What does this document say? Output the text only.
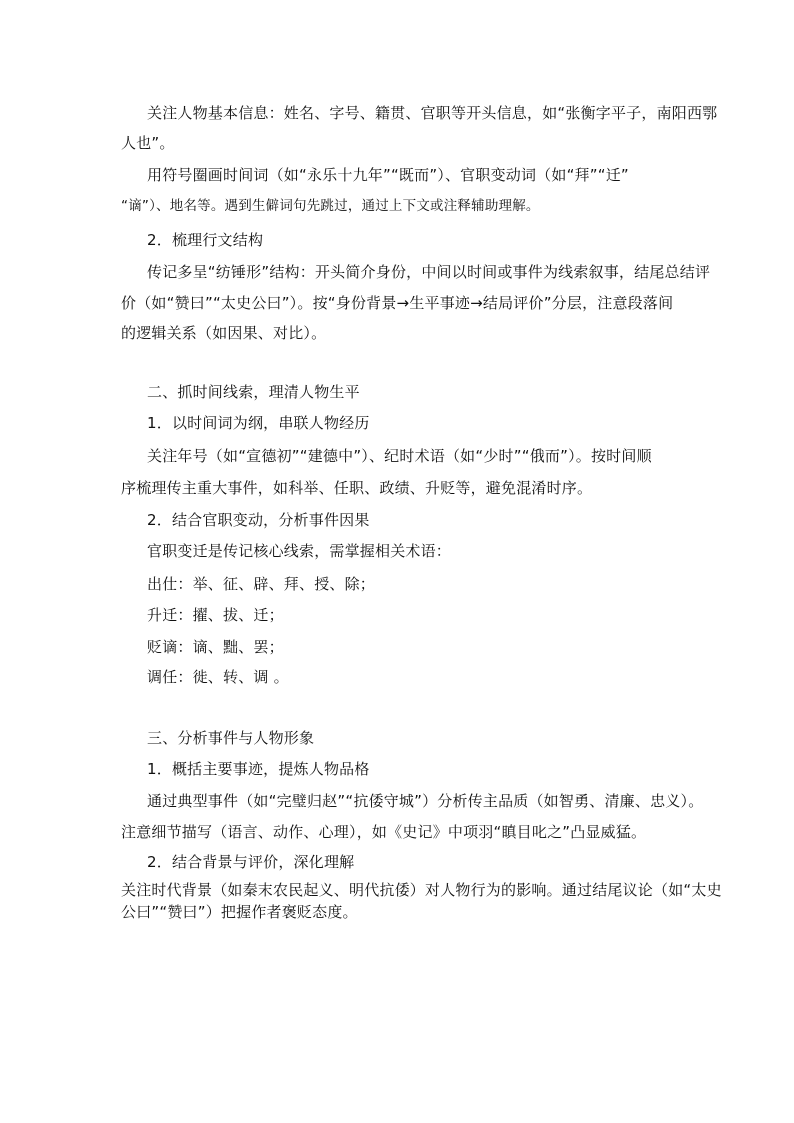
关注人物基本信息：姓名、字号、籍贯、官职等开头信息，如“张衡字平子，南阳西鄂
人也”。
用符号圈画时间词（如“永乐十九年”“既而”）、官职变动词（如“拜”“迁”
“谪”）、地名等。遇到生僻词句先跳过，通过上下文或注释辅助理解。
2．梳理行文结构
传记多呈“纺锤形”结构：开头简介身份，中间以时间或事件为线索叙事，结尾总结评
价（如“赞曰”“太史公曰”）。按“身份背景→生平事迹→结局评价”分层，注意段落间
的逻辑关系（如因果、对比）。
二、抓时间线索，理清人物生平
1．以时间词为纲，串联人物经历
关注年号（如“宣德初”“建德中”）、纪时术语（如“少时”“俄而”）。按时间顺
序梳理传主重大事件，如科举、任职、政绩、升贬等，避免混淆时序。
2．结合官职变动，分析事件因果
官职变迁是传记核心线索，需掌握相关术语：
出仕：举、征、辟、拜、授、除；
升迁：擢、拔、迁；
贬谪：谪、黜、罢；
调任：徙、转、调 。
三、分析事件与人物形象
1．概括主要事迹，提炼人物品格
通过典型事件（如“完璧归赵”“抗倭守城”）分析传主品质（如智勇、清廉、忠义）。
注意细节描写（语言、动作、心理），如《史记》中项羽“瞋目叱之”凸显威猛。
2．结合背景与评价，深化理解
关注时代背景（如秦末农民起义、明代抗倭）对人物行为的影响。通过结尾议论（如“太史
公曰”“赞曰”）把握作者褒贬态度。
